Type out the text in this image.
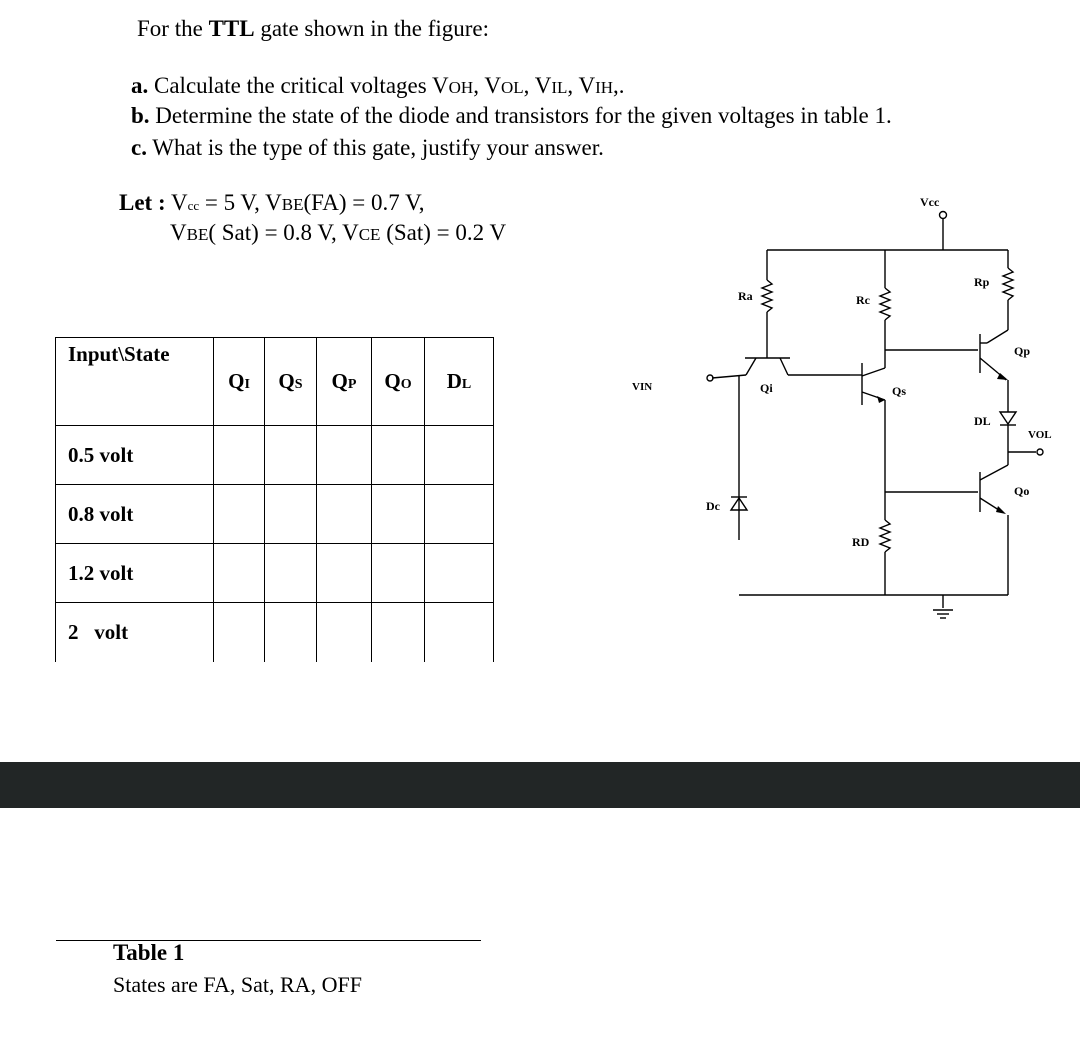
For the TTL gate shown in the figure:
a. Calculate the critical voltages VOH, VOL, VIL, VIH,.
b. Determine the state of the diode and transistors for the given voltages in table 1.
c. What is the type of this gate, justify your answer.
Let : Vcc = 5 V, VBE(FA) = 0.7 V,
VBE( Sat) = 0.8 V, VCE (Sat) = 0.2 V
Input\State	QI	QS	QP	QO	DL
0.5 volt					
0.8 volt					
1.2 volt					
2   volt					
Vcc
Ra	Rc
Rp
Qi	Qs
Qp
Qo
DL
Dc
RD
VIN
VOL
Table 1
States are FA, Sat, RA, OFF
